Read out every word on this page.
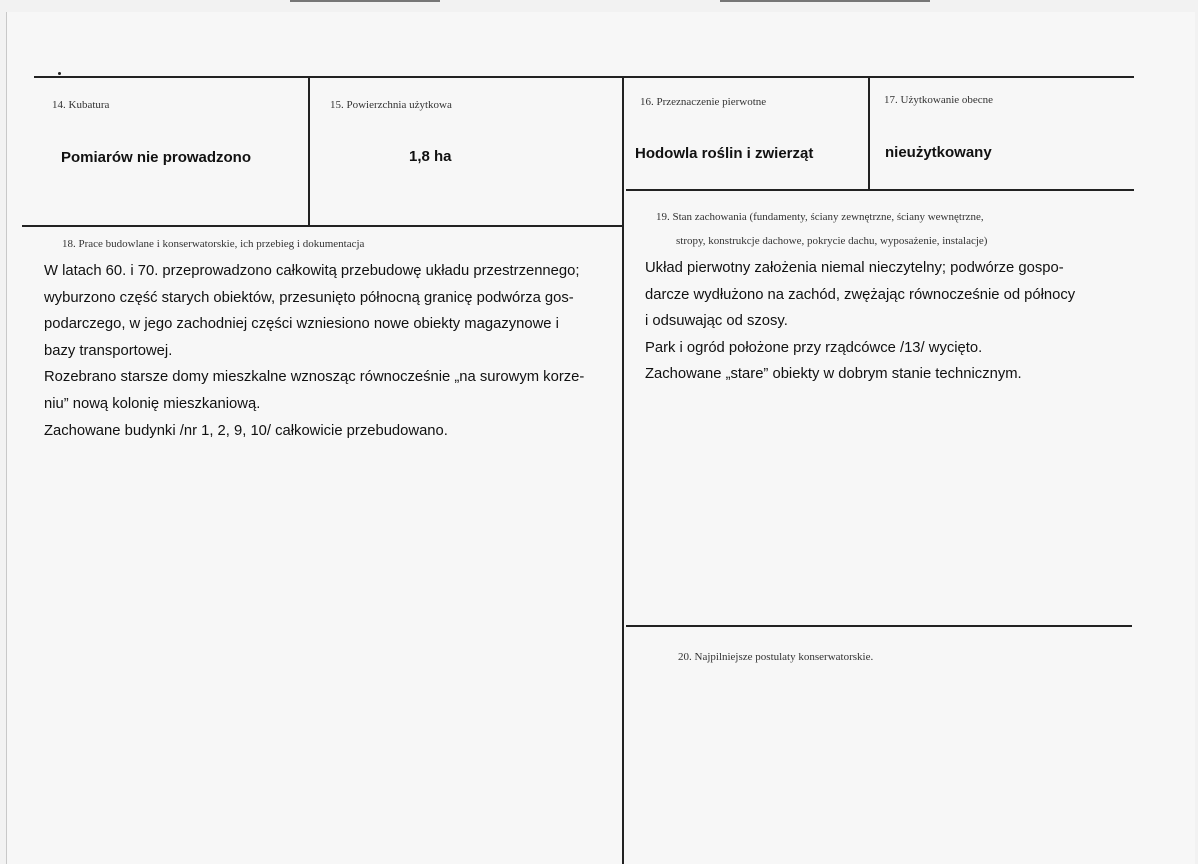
14. Kubatura
Pomiarów nie prowadzono
15. Powierzchnia użytkowa
1,8 ha
16. Przeznaczenie pierwotne
Hodowla roślin i zwierząt
17. Użytkowanie obecne
nieużytkowany
18. Prace budowlane i konserwatorskie, ich przebieg i dokumentacja
W latach 60. i 70. przeprowadzono całkowitą przebudowę układu przestrzennego;
wyburzono część starych obiektów, przesunięto północną granicę podwórza gos-
podarczego, w jego zachodniej części wzniesiono nowe obiekty magazynowe i
bazy transportowej.
Rozebrano starsze domy mieszkalne wznosząc równocześnie „na surowym korze-
niu” nową kolonię mieszkaniową.
Zachowane budynki /nr 1, 2, 9, 10/ całkowicie przebudowano.
19. Stan zachowania (fundamenty, ściany zewnętrzne, ściany wewnętrzne,
stropy, konstrukcje dachowe, pokrycie dachu, wyposażenie, instalacje)
Układ pierwotny założenia niemal nieczytelny; podwórze gospo-
darcze wydłużono na zachód, zwężając równocześnie od północy
i odsuwając od szosy.
Park i ogród położone przy rządcówce /13/ wycięto.
Zachowane „stare” obiekty w dobrym stanie technicznym.
20. Najpilniejsze postulaty konserwatorskie.
